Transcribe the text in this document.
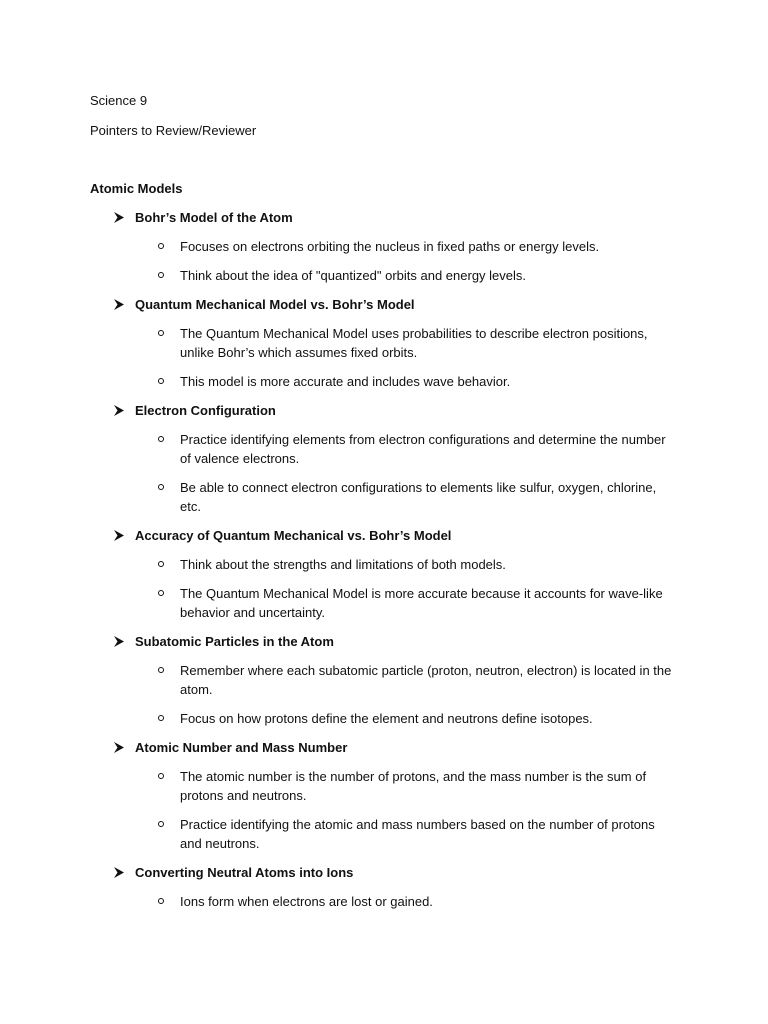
Science 9

Pointers to Review/Reviewer

Atomic Models

Bohr’s Model of the Atom
Focuses on electrons orbiting the nucleus in fixed paths or energy levels.
Think about the idea of "quantized" orbits and energy levels.
Quantum Mechanical Model vs. Bohr’s Model
The Quantum Mechanical Model uses probabilities to describe electron positions, unlike Bohr’s which assumes fixed orbits.
This model is more accurate and includes wave behavior.
Electron Configuration
Practice identifying elements from electron configurations and determine the number of valence electrons.
Be able to connect electron configurations to elements like sulfur, oxygen, chlorine, etc.
Accuracy of Quantum Mechanical vs. Bohr’s Model
Think about the strengths and limitations of both models.
The Quantum Mechanical Model is more accurate because it accounts for wave-like behavior and uncertainty.
Subatomic Particles in the Atom
Remember where each subatomic particle (proton, neutron, electron) is located in the atom.
Focus on how protons define the element and neutrons define isotopes.
Atomic Number and Mass Number
The atomic number is the number of protons, and the mass number is the sum of protons and neutrons.
Practice identifying the atomic and mass numbers based on the number of protons and neutrons.
Converting Neutral Atoms into Ions
Ions form when electrons are lost or gained.
